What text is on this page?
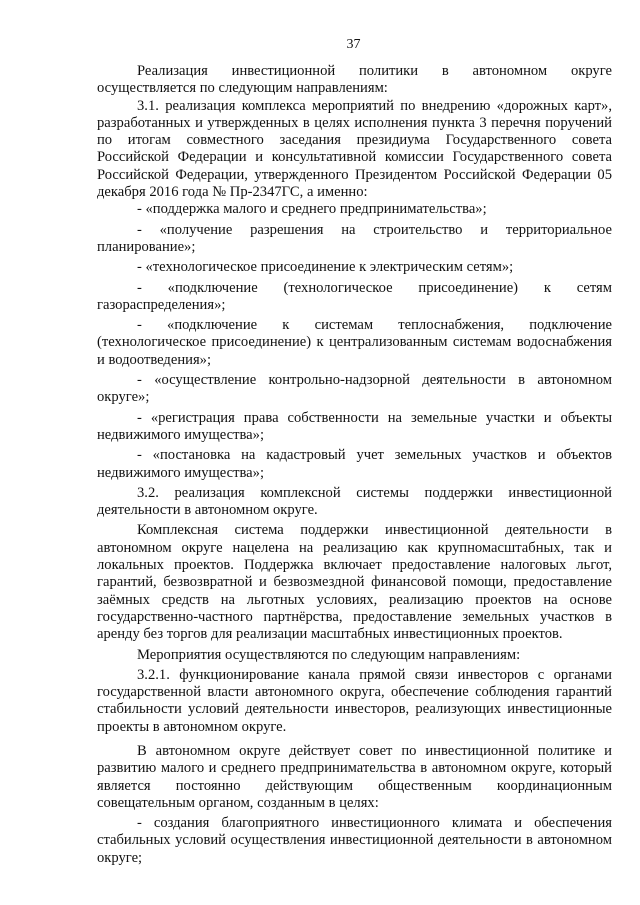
37

Реализация инвестиционной политики в автономном округе осуществляется по следующим направлениям:

3.1. реализация комплекса мероприятий по внедрению «дорожных карт», разработанных и утвержденных в целях исполнения пункта 3 перечня поручений по итогам совместного заседания президиума Государственного совета Российской Федерации и консультативной комиссии Государственного совета Российской Федерации, утвержденного Президентом Российской Федерации 05 декабря 2016 года № Пр-2347ГС, а именно:

- «поддержка малого и среднего предпринимательства»;

- «получение разрешения на строительство и территориальное планирование»;

- «технологическое присоединение к электрическим сетям»;

- «подключение (технологическое присоединение) к сетям газораспределения»;

- «подключение к системам теплоснабжения, подключение (технологическое присоединение) к централизованным системам водоснабжения и водоотведения»;

- «осуществление контрольно-надзорной деятельности в автономном округе»;

- «регистрация права собственности на земельные участки и объекты недвижимого имущества»;

- «постановка на кадастровый учет земельных участков и объектов недвижимого имущества»;

3.2. реализация комплексной системы поддержки инвестиционной деятельности в автономном округе.

Комплексная система поддержки инвестиционной деятельности в автономном округе нацелена на реализацию как крупномасштабных, так и локальных проектов. Поддержка включает предоставление налоговых льгот, гарантий, безвозвратной и безвозмездной финансовой помощи, предоставление заёмных средств на льготных условиях, реализацию проектов на основе государственно-частного партнёрства, предоставление земельных участков в аренду без торгов для реализации масштабных инвестиционных проектов.

Мероприятия осуществляются по следующим направлениям:

3.2.1. функционирование канала прямой связи инвесторов с органами государственной власти автономного округа, обеспечение соблюдения гарантий стабильности условий деятельности инвесторов, реализующих инвестиционные проекты в автономном округе.

В автономном округе действует совет по инвестиционной политике и развитию малого и среднего предпринимательства в автономном округе, который является постоянно действующим общественным координационным совещательным органом, созданным в целях:

- создания благоприятного инвестиционного климата и обеспечения стабильных условий осуществления инвестиционной деятельности в автономном округе;
